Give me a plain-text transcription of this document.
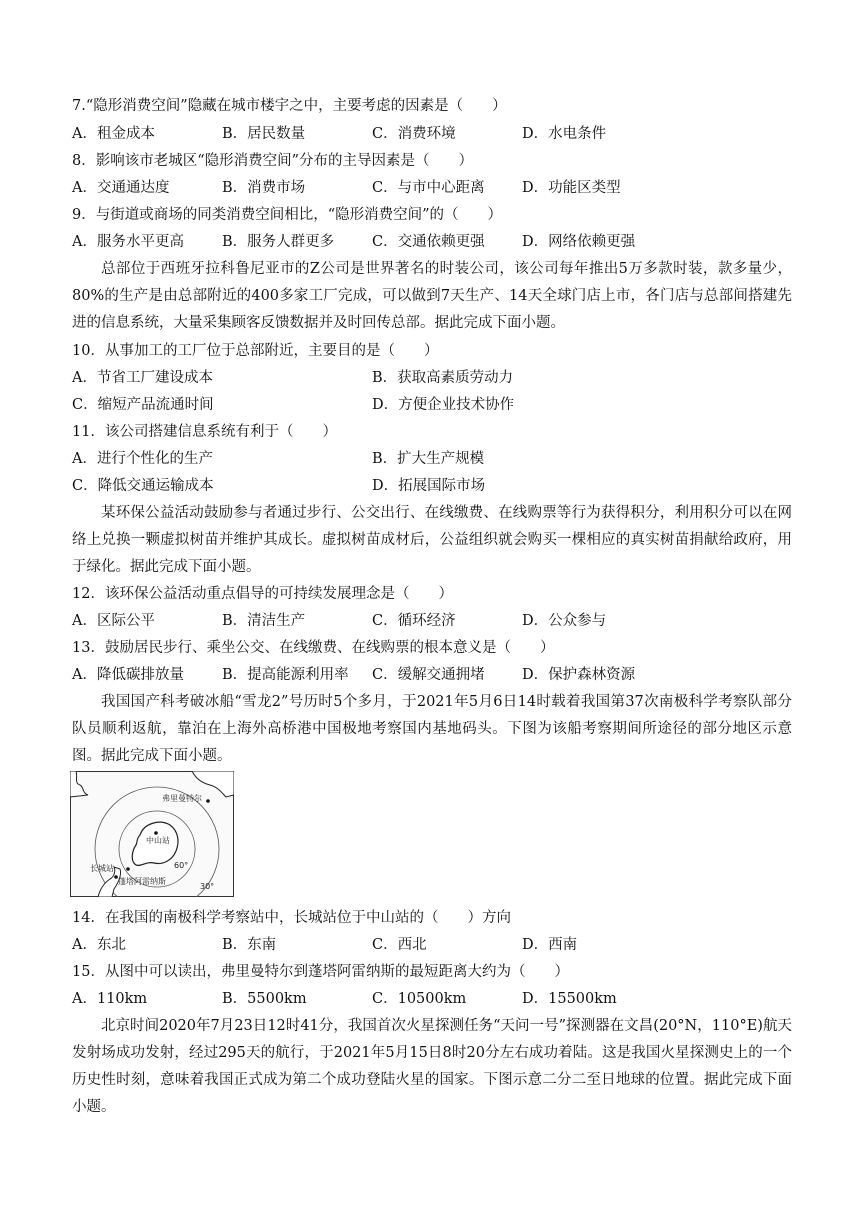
7.“隐形消费空间”隐藏在城市楼宇之中，主要考虑的因素是（　　）
A．租金成本	B．居民数量	C．消费环境	D．水电条件
8．影响该市老城区“隐形消费空间”分布的主导因素是（　　）
A．交通通达度	B．消费市场	C．与市中心距离	D．功能区类型
9．与街道或商场的同类消费空间相比，“隐形消费空间”的（　　）
A．服务水平更高	B．服务人群更多	C．交通依赖更强	D．网络依赖更强
总部位于西班牙拉科鲁尼亚市的Z公司是世界著名的时装公司，该公司每年推出5万多款时装，款多量少，80%的生产是由总部附近的400多家工厂完成，可以做到7天生产、14天全球门店上市，各门店与总部间搭建先进的信息系统，大量采集顾客反馈数据并及时回传总部。据此完成下面小题。
10．从事加工的工厂位于总部附近，主要目的是（　　）
A．节省工厂建设成本	B．获取高素质劳动力
C．缩短产品流通时间	D．方便企业技术协作
11．该公司搭建信息系统有利于（　　）
A．进行个性化的生产	B．扩大生产规模
C．降低交通运输成本	D．拓展国际市场
某环保公益活动鼓励参与者通过步行、公交出行、在线缴费、在线购票等行为获得积分，利用积分可以在网络上兑换一颗虚拟树苗并维护其成长。虚拟树苗成材后，公益组织就会购买一棵相应的真实树苗捐献给政府，用于绿化。据此完成下面小题。
12．该环保公益活动重点倡导的可持续发展理念是（　　）
A．区际公平	B．清洁生产	C．循环经济	D．公众参与
13．鼓励居民步行、乘坐公交、在线缴费、在线购票的根本意义是（　　）
A．降低碳排放量	B．提高能源利用率 C．缓解交通拥堵	D．保护森林资源
我国国产科考破冰船“雪龙2”号历时5个多月，于2021年5月6日14时载着我国第37次南极科学考察队部分队员顺利返航，靠泊在上海外高桥港中国极地考察国内基地码头。下图为该船考察期间所途径的部分地区示意图。据此完成下面小题。
弗里曼特尔
中山站
长城站
蓬塔阿雷纳斯
60°
30°
14．在我国的南极科学考察站中，长城站位于中山站的（　　）方向
A．东北	B．东南	C．西北	D．西南
15．从图中可以读出，弗里曼特尔到蓬塔阿雷纳斯的最短距离大约为（　　）
A．110km	B．5500km	C．10500km	D．15500km
北京时间2020年7月23日12时41分，我国首次火星探测任务“天问一号”探测器在文昌(20°N，110°E)航天发射场成功发射，经过295天的航行，于2021年5月15日8时20分左右成功着陆。这是我国火星探测史上的一个历史性时刻，意味着我国正式成为第二个成功登陆火星的国家。下图示意二分二至日地球的位置。据此完成下面小题。
